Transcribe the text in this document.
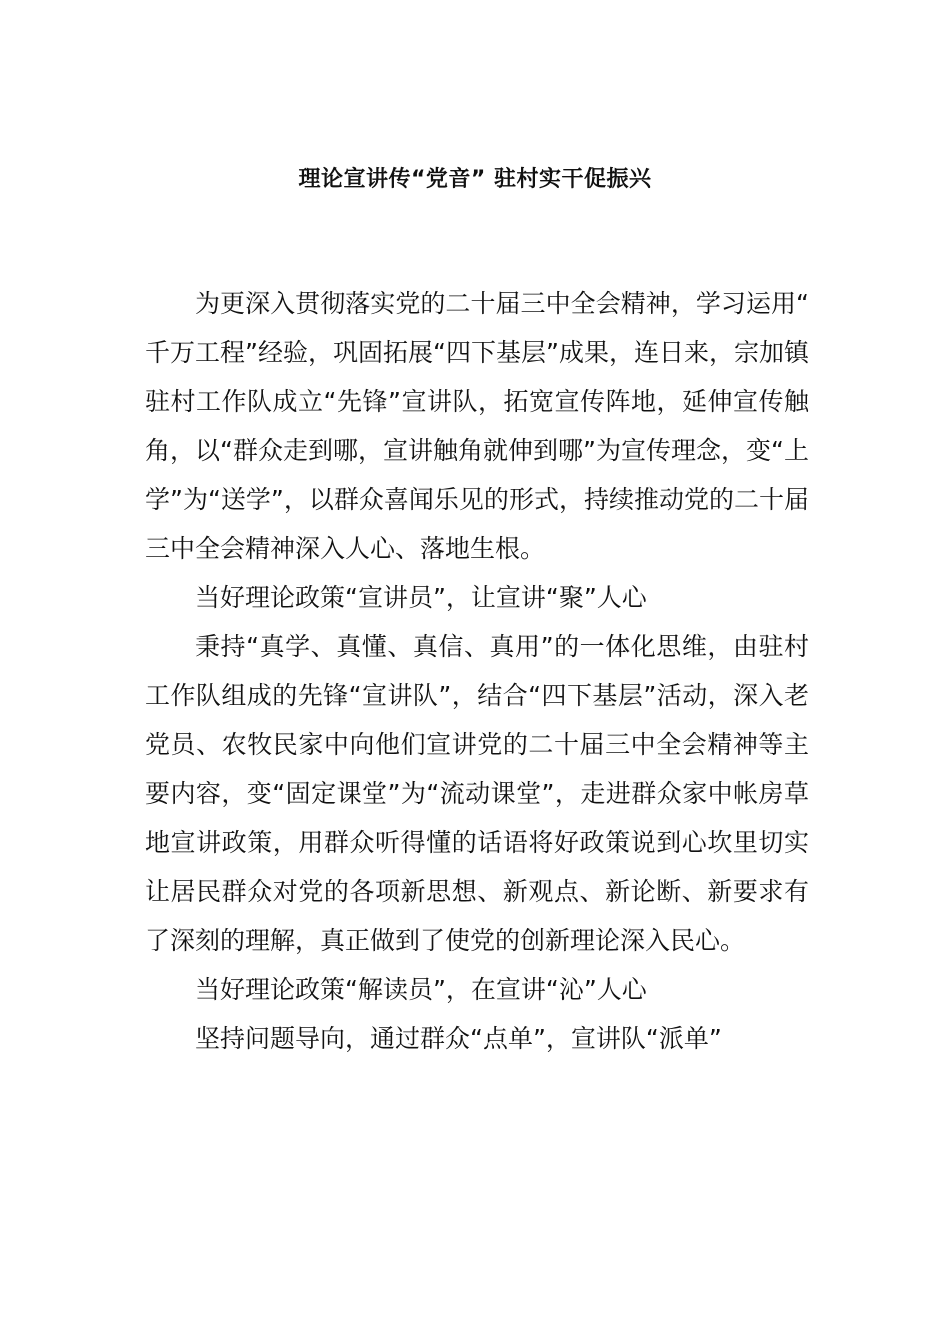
理论宣讲传“党音” 驻村实干促振兴

为更深入贯彻落实党的二十届三中全会精神，学习运用“千万工程”经验，巩固拓展“四下基层”成果，连日来，宗加镇驻村工作队成立“先锋”宣讲队，拓宽宣传阵地，延伸宣传触角，以“群众走到哪，宣讲触角就伸到哪”为宣传理念，变“上学”为“送学”，以群众喜闻乐见的形式，持续推动党的二十届三中全会精神深入人心、落地生根。

当好理论政策“宣讲员”，让宣讲“聚”人心

秉持“真学、真懂、真信、真用”的一体化思维，由驻村工作队组成的先锋“宣讲队”，结合“四下基层”活动，深入老党员、农牧民家中向他们宣讲党的二十届三中全会精神等主要内容，变“固定课堂”为“流动课堂”，走进群众家中帐房草地宣讲政策，用群众听得懂的话语将好政策说到心坎里切实让居民群众对党的各项新思想、新观点、新论断、新要求有了深刻的理解，真正做到了使党的创新理论深入民心。

当好理论政策“解读员”，在宣讲“沁”人心

坚持问题导向，通过群众“点单”，宣讲队“派单”
